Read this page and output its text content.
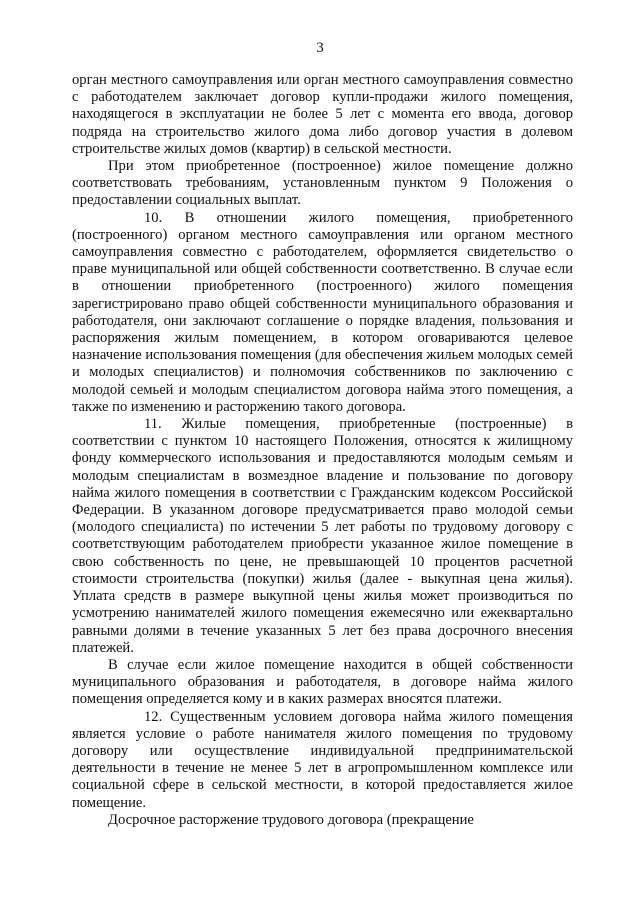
3

орган местного самоуправления или орган местного самоуправления совместно с работодателем заключает договор купли-продажи жилого помещения, находящегося в эксплуатации не более 5 лет с момента его ввода, договор подряда на строительство жилого дома либо договор участия в долевом строительстве жилых домов (квартир) в сельской местности.

При этом приобретенное (построенное) жилое помещение должно соответствовать требованиям, установленным пунктом 9 Положения о предоставлении социальных выплат.

10. В отношении жилого помещения, приобретенного (построенного) органом местного самоуправления или органом местного самоуправления совместно с работодателем, оформляется свидетельство о праве муниципальной или общей собственности соответственно. В случае если в отношении приобретенного (построенного) жилого помещения зарегистрировано право общей собственности муниципального образования и работодателя, они заключают соглашение о порядке владения, пользования и распоряжения жилым помещением, в котором оговариваются целевое назначение использования помещения (для обеспечения жильем молодых семей и молодых специалистов) и полномочия собственников по заключению с молодой семьей и молодым специалистом договора найма этого помещения, а также по изменению и расторжению такого договора.

11. Жилые помещения, приобретенные (построенные) в соответствии с пунктом 10 настоящего Положения, относятся к жилищному фонду коммерческого использования и предоставляются молодым семьям и молодым специалистам в возмездное владение и пользование по договору найма жилого помещения в соответствии с Гражданским кодексом Российской Федерации. В указанном договоре предусматривается право молодой семьи (молодого специалиста) по истечении 5 лет работы по трудовому договору с соответствующим работодателем приобрести указанное жилое помещение в свою собственность по цене, не превышающей 10 процентов расчетной стоимости строительства (покупки) жилья (далее - выкупная цена жилья). Уплата средств в размере выкупной цены жилья может производиться по усмотрению нанимателей жилого помещения ежемесячно или ежеквартально равными долями в течение указанных 5 лет без права досрочного внесения платежей.

В случае если жилое помещение находится в общей собственности муниципального образования и работодателя, в договоре найма жилого помещения определяется кому и в каких размерах вносятся платежи.

12. Существенным условием договора найма жилого помещения является условие о работе нанимателя жилого помещения по трудовому договору или осуществление индивидуальной предпринимательской деятельности в течение не менее 5 лет в агропромышленном комплексе или социальной сфере в сельской местности, в которой предоставляется жилое помещение.

Досрочное расторжение трудового договора (прекращение
